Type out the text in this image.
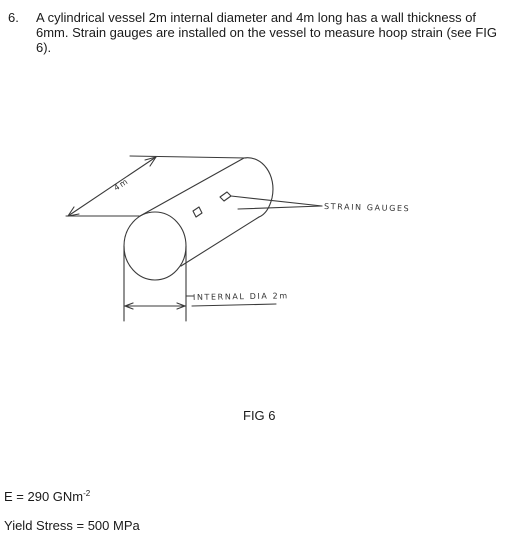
6. A cylindrical vessel 2m internal diameter and 4m long has a wall thickness of 6mm. Strain gauges are installed on the vessel to measure hoop strain (see FIG 6).
4m
STRAIN GAUGES
INTERNAL DIA 2m
FIG 6
E = 290 GNm$^{-2}$
Yield Stress = 500 MPa
